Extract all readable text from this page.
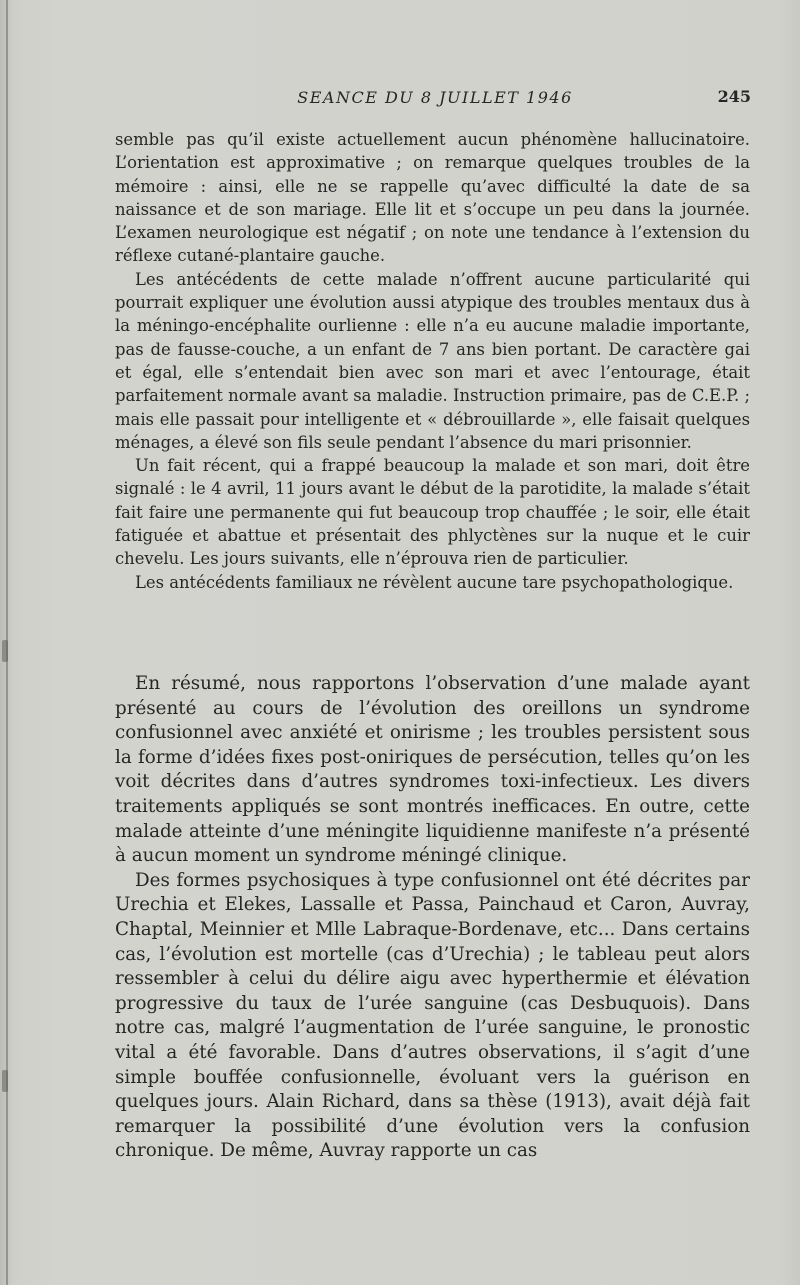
SEANCE DU 8 JUILLET 1946	245

semble pas qu’il existe actuellement aucun phénomène hallucinatoire. L’orientation est approximative ; on remarque quelques troubles de la mémoire : ainsi, elle ne se rappelle qu’avec difficulté la date de sa naissance et de son mariage. Elle lit et s’occupe un peu dans la journée. L’examen neurologique est négatif ; on note une tendance à l’extension du réflexe cutané-plantaire gauche.

Les antécédents de cette malade n’offrent aucune particularité qui pourrait expliquer une évolution aussi atypique des troubles mentaux dus à la méningo-encéphalite ourlienne : elle n’a eu aucune maladie importante, pas de fausse-couche, a un enfant de 7 ans bien portant. De caractère gai et égal, elle s’entendait bien avec son mari et avec l’entourage, était parfaitement normale avant sa maladie. Instruction primaire, pas de C.E.P. ; mais elle passait pour intelligente et « débrouillarde », elle faisait quelques ménages, a élevé son fils seule pendant l’absence du mari prisonnier.

Un fait récent, qui a frappé beaucoup la malade et son mari, doit être signalé : le 4 avril, 11 jours avant le début de la parotidite, la malade s’était fait faire une permanente qui fut beaucoup trop chauffée ; le soir, elle était fatiguée et abattue et présentait des phlyctènes sur la nuque et le cuir chevelu. Les jours suivants, elle n’éprouva rien de particulier.

Les antécédents familiaux ne révèlent aucune tare psychopathologique.

En résumé, nous rapportons l’observation d’une malade ayant présenté au cours de l’évolution des oreillons un syndrome confusionnel avec anxiété et onirisme ; les troubles persistent sous la forme d’idées fixes post-oniriques de persécution, telles qu’on les voit décrites dans d’autres syndromes toxi-infectieux. Les divers traitements appliqués se sont montrés inefficaces. En outre, cette malade atteinte d’une méningite liquidienne manifeste n’a présenté à aucun moment un syndrome méningé clinique.

Des formes psychosiques à type confusionnel ont été décrites par Urechia et Elekes, Lassalle et Passa, Painchaud et Caron, Auvray, Chaptal, Meinnier et Mlle Labraque-Bordenave, etc... Dans certains cas, l’évolution est mortelle (cas d’Urechia) ; le tableau peut alors ressembler à celui du délire aigu avec hyperthermie et élévation progressive du taux de l’urée sanguine (cas Desbuquois). Dans notre cas, malgré l’augmentation de l’urée sanguine, le pronostic vital a été favorable. Dans d’autres observations, il s’agit d’une simple bouffée confusionnelle, évoluant vers la guérison en quelques jours. Alain Richard, dans sa thèse (1913), avait déjà fait remarquer la possibilité d’une évolution vers la confusion chronique. De même, Auvray rapporte un cas
